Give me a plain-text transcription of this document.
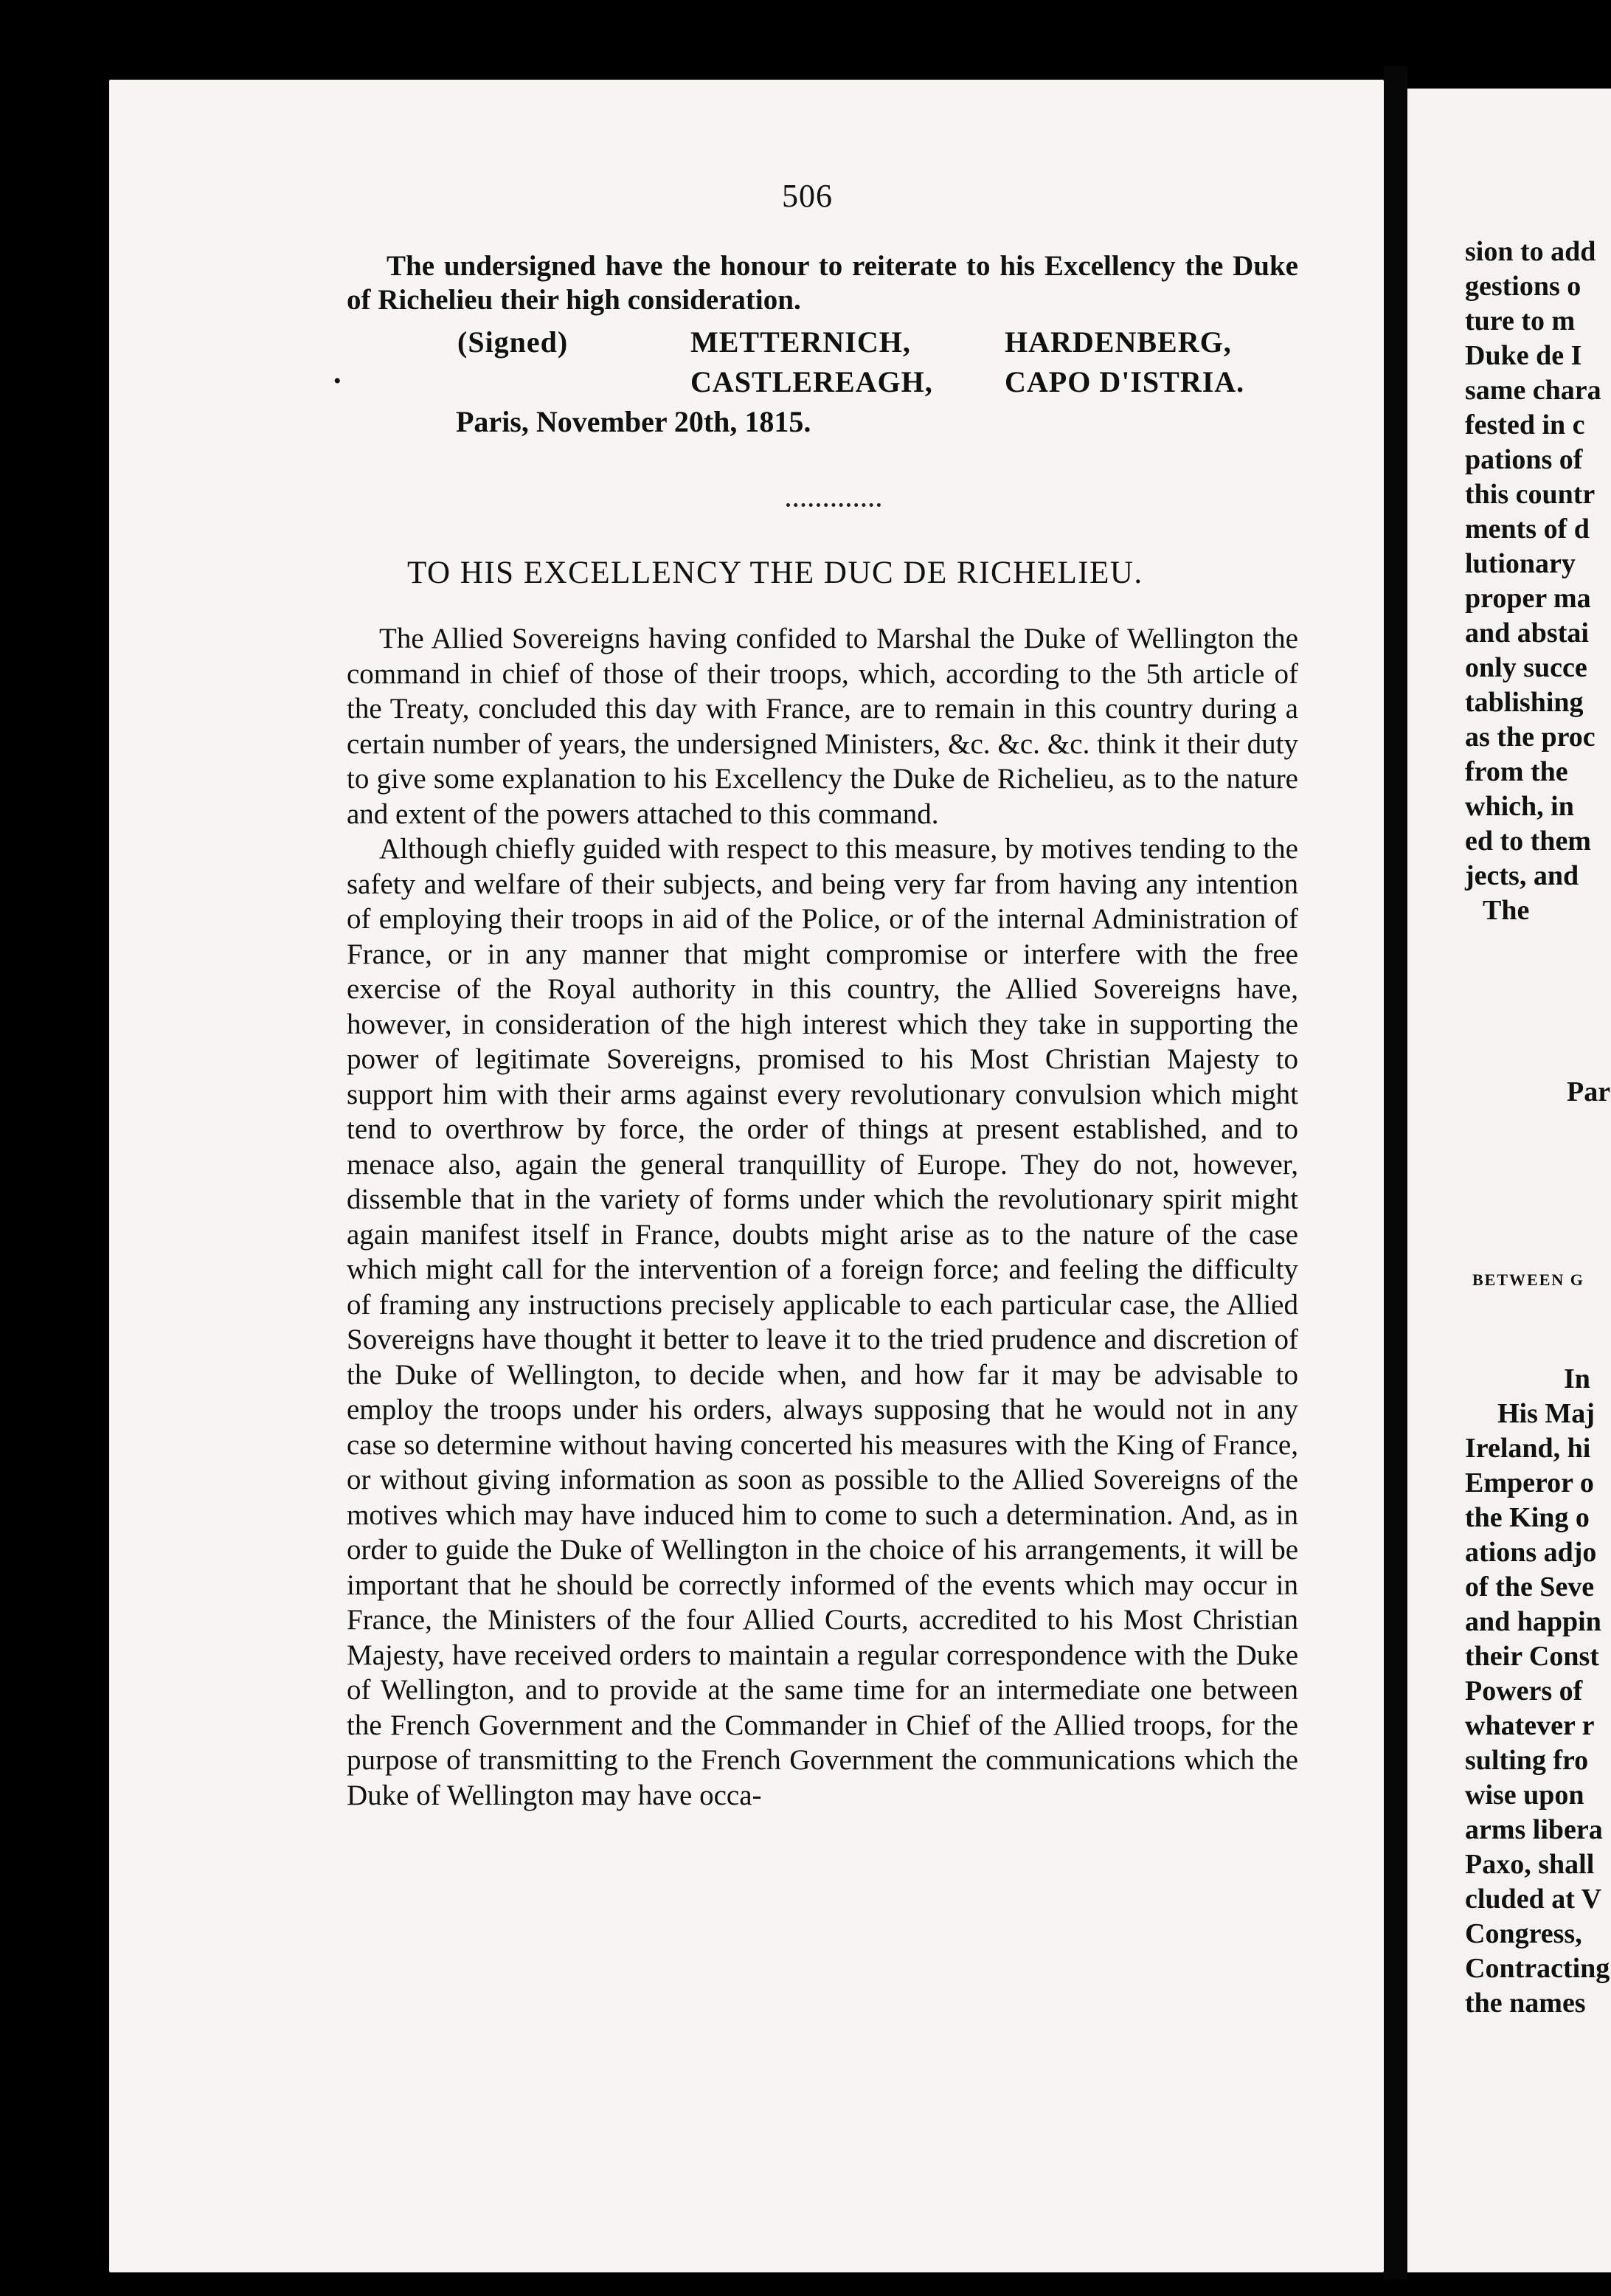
506
The undersigned have the honour to reiterate to his Excellency the Duke of Richelieu their high consideration.
(Signed)	METTERNICH,	HARDENBERG,
CASTLEREAGH, CAPO D'ISTRIA.
•
Paris, November 20th, 1815.
TO HIS EXCELLENCY THE DUC DE RICHELIEU.

The Allied Sovereigns having confided to Marshal the Duke of Wellington the command in chief of those of their troops, which, according to the 5th article of the Treaty, concluded this day with France, are to remain in this country during a certain number of years, the undersigned Ministers, &c. &c. &c. think it their duty to give some explanation to his Excellency the Duke de Richelieu, as to the nature and extent of the powers attached to this command.

Although chiefly guided with respect to this measure, by motives tending to the safety and welfare of their subjects, and being very far from having any intention of employing their troops in aid of the Police, or of the internal Administration of France, or in any manner that might compromise or interfere with the free exercise of the Royal authority in this country, the Allied Sovereigns have, however, in consideration of the high interest which they take in supporting the power of legitimate Sovereigns, promised to his Most Christian Majesty to support him with their arms against every revolutionary convulsion which might tend to overthrow by force, the order of things at present established, and to menace also, again the general tranquillity of Europe. They do not, however, dissemble that in the variety of forms under which the revolutionary spirit might again manifest itself in France, doubts might arise as to the nature of the case which might call for the intervention of a foreign force; and feeling the difficulty of framing any instructions precisely applicable to each particular case, the Allied Sovereigns have thought it better to leave it to the tried prudence and discretion of the Duke of Wellington, to decide when, and how far it may be advisable to employ the troops under his orders, always supposing that he would not in any case so determine without having concerted his measures with the King of France, or without giving information as soon as possible to the Allied Sovereigns of the motives which may have induced him to come to such a determination. And, as in order to guide the Duke of Wellington in the choice of his arrangements, it will be important that he should be correctly informed of the events which may occur in France, the Ministers of the four Allied Courts, accredited to his Most Christian Majesty, have received orders to maintain a regular correspondence with the Duke of Wellington, and to provide at the same time for an intermediate one between the French Government and the Commander in Chief of the Allied troops, for the purpose of transmitting to the French Government the communications which the Duke of Wellington may have occa-

sion to add
gestions o
ture to m
Duke de I
same chara
fested in c
pations of
this countr
ments of d
lutionary
proper ma
and abstai
only succe
tablishing
as the proc
from the
which, in
ed to them
jects, and
The
Par
BETWEEN G
In
His Maj
Ireland, hi
Emperor o
the King o
ations adjo
of the Seve
and happin
their Const
Powers of
whatever r
sulting fro
wise upon
arms libera
Paxo, shall
cluded at V
Congress,
Contracting
the names
